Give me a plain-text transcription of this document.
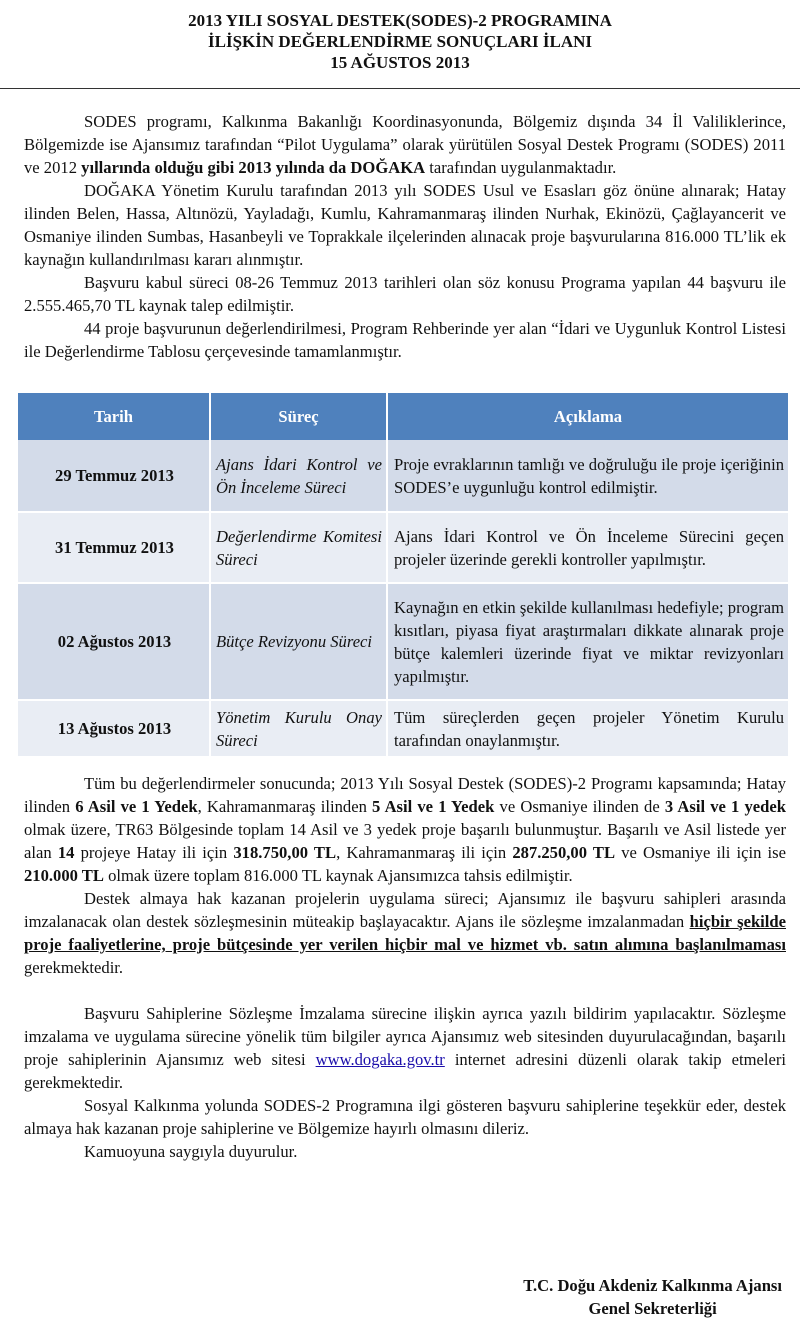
2013 YILI SOSYAL DESTEK(SODES)-2 PROGRAMINA
İLİŞKİN DEĞERLENDİRME SONUÇLARI İLANI
15 AĞUSTOS 2013

SODES programı, Kalkınma Bakanlığı Koordinasyonunda, Bölgemiz dışında 34 İl Valiliklerince, Bölgemizde ise Ajansımız tarafından “Pilot Uygulama” olarak yürütülen Sosyal Destek Programı (SODES) 2011 ve 2012 yıllarında olduğu gibi 2013 yılında da DOĞAKA tarafından uygulanmaktadır.

DOĞAKA Yönetim Kurulu tarafından 2013 yılı SODES Usul ve Esasları göz önüne alınarak; Hatay ilinden Belen, Hassa, Altınözü, Yayladağı, Kumlu, Kahramanmaraş ilinden Nurhak, Ekinözü, Çağlayancerit ve Osmaniye ilinden Sumbas, Hasanbeyli ve Toprakkale ilçelerinden alınacak proje başvurularına 816.000 TL’lik ek kaynağın kullandırılması kararı alınmıştır.

Başvuru kabul süreci 08-26 Temmuz 2013 tarihleri olan söz konusu Programa yapılan 44 başvuru ile 2.555.465,70 TL kaynak talep edilmiştir.

44 proje başvurunun değerlendirilmesi, Program Rehberinde yer alan “İdari ve Uygunluk Kontrol Listesi ile Değerlendirme Tablosu çerçevesinde tamamlanmıştır.

Tarih	Süreç	Açıklama
29 Temmuz 2013	Ajans İdari Kontrol ve Ön İnceleme Süreci	Proje evraklarının tamlığı ve doğruluğu ile proje içeriğinin SODES’e uygunluğu kontrol edilmiştir.
31 Temmuz 2013	Değerlendirme Komitesi Süreci	Ajans İdari Kontrol ve Ön İnceleme Sürecini geçen projeler üzerinde gerekli kontroller yapılmıştır.
02 Ağustos 2013	Bütçe Revizyonu Süreci	Kaynağın en etkin şekilde kullanılması hedefiyle; program kısıtları, piyasa fiyat araştırmaları dikkate alınarak proje bütçe kalemleri üzerinde fiyat ve miktar revizyonları yapılmıştır.
13 Ağustos 2013	Yönetim Kurulu Onay Süreci	Tüm süreçlerden geçen projeler Yönetim Kurulu tarafından onaylanmıştır.

Tüm bu değerlendirmeler sonucunda; 2013 Yılı Sosyal Destek (SODES)-2 Programı kapsamında; Hatay ilinden 6 Asil ve 1 Yedek, Kahramanmaraş ilinden 5 Asil ve 1 Yedek ve Osmaniye ilinden de 3 Asil ve 1 yedek olmak üzere, TR63 Bölgesinde toplam 14 Asil ve 3 yedek proje başarılı bulunmuştur. Başarılı ve Asil listede yer alan 14 projeye Hatay ili için 318.750,00 TL, Kahramanmaraş ili için 287.250,00 TL ve Osmaniye ili için ise 210.000 TL olmak üzere toplam 816.000 TL kaynak Ajansımızca tahsis edilmiştir.

Destek almaya hak kazanan projelerin uygulama süreci; Ajansımız ile başvuru sahipleri arasında imzalanacak olan destek sözleşmesinin müteakip başlayacaktır. Ajans ile sözleşme imzalanmadan hiçbir şekilde proje faaliyetlerine, proje bütçesinde yer verilen hiçbir mal ve hizmet vb. satın alımına başlanılmaması gerekmektedir.

Başvuru Sahiplerine Sözleşme İmzalama sürecine ilişkin ayrıca yazılı bildirim yapılacaktır. Sözleşme imzalama ve uygulama sürecine yönelik tüm bilgiler ayrıca Ajansımız web sitesinden duyurulacağından, başarılı proje sahiplerinin Ajansımız web sitesi www.dogaka.gov.tr internet adresini düzenli olarak takip etmeleri gerekmektedir.

Sosyal Kalkınma yolunda SODES-2 Programına ilgi gösteren başvuru sahiplerine teşekkür eder, destek almaya hak kazanan proje sahiplerine ve Bölgemize hayırlı olmasını dileriz.

Kamuoyuna saygıyla duyurulur.

T.C. Doğu Akdeniz Kalkınma Ajansı
Genel Sekreterliği
